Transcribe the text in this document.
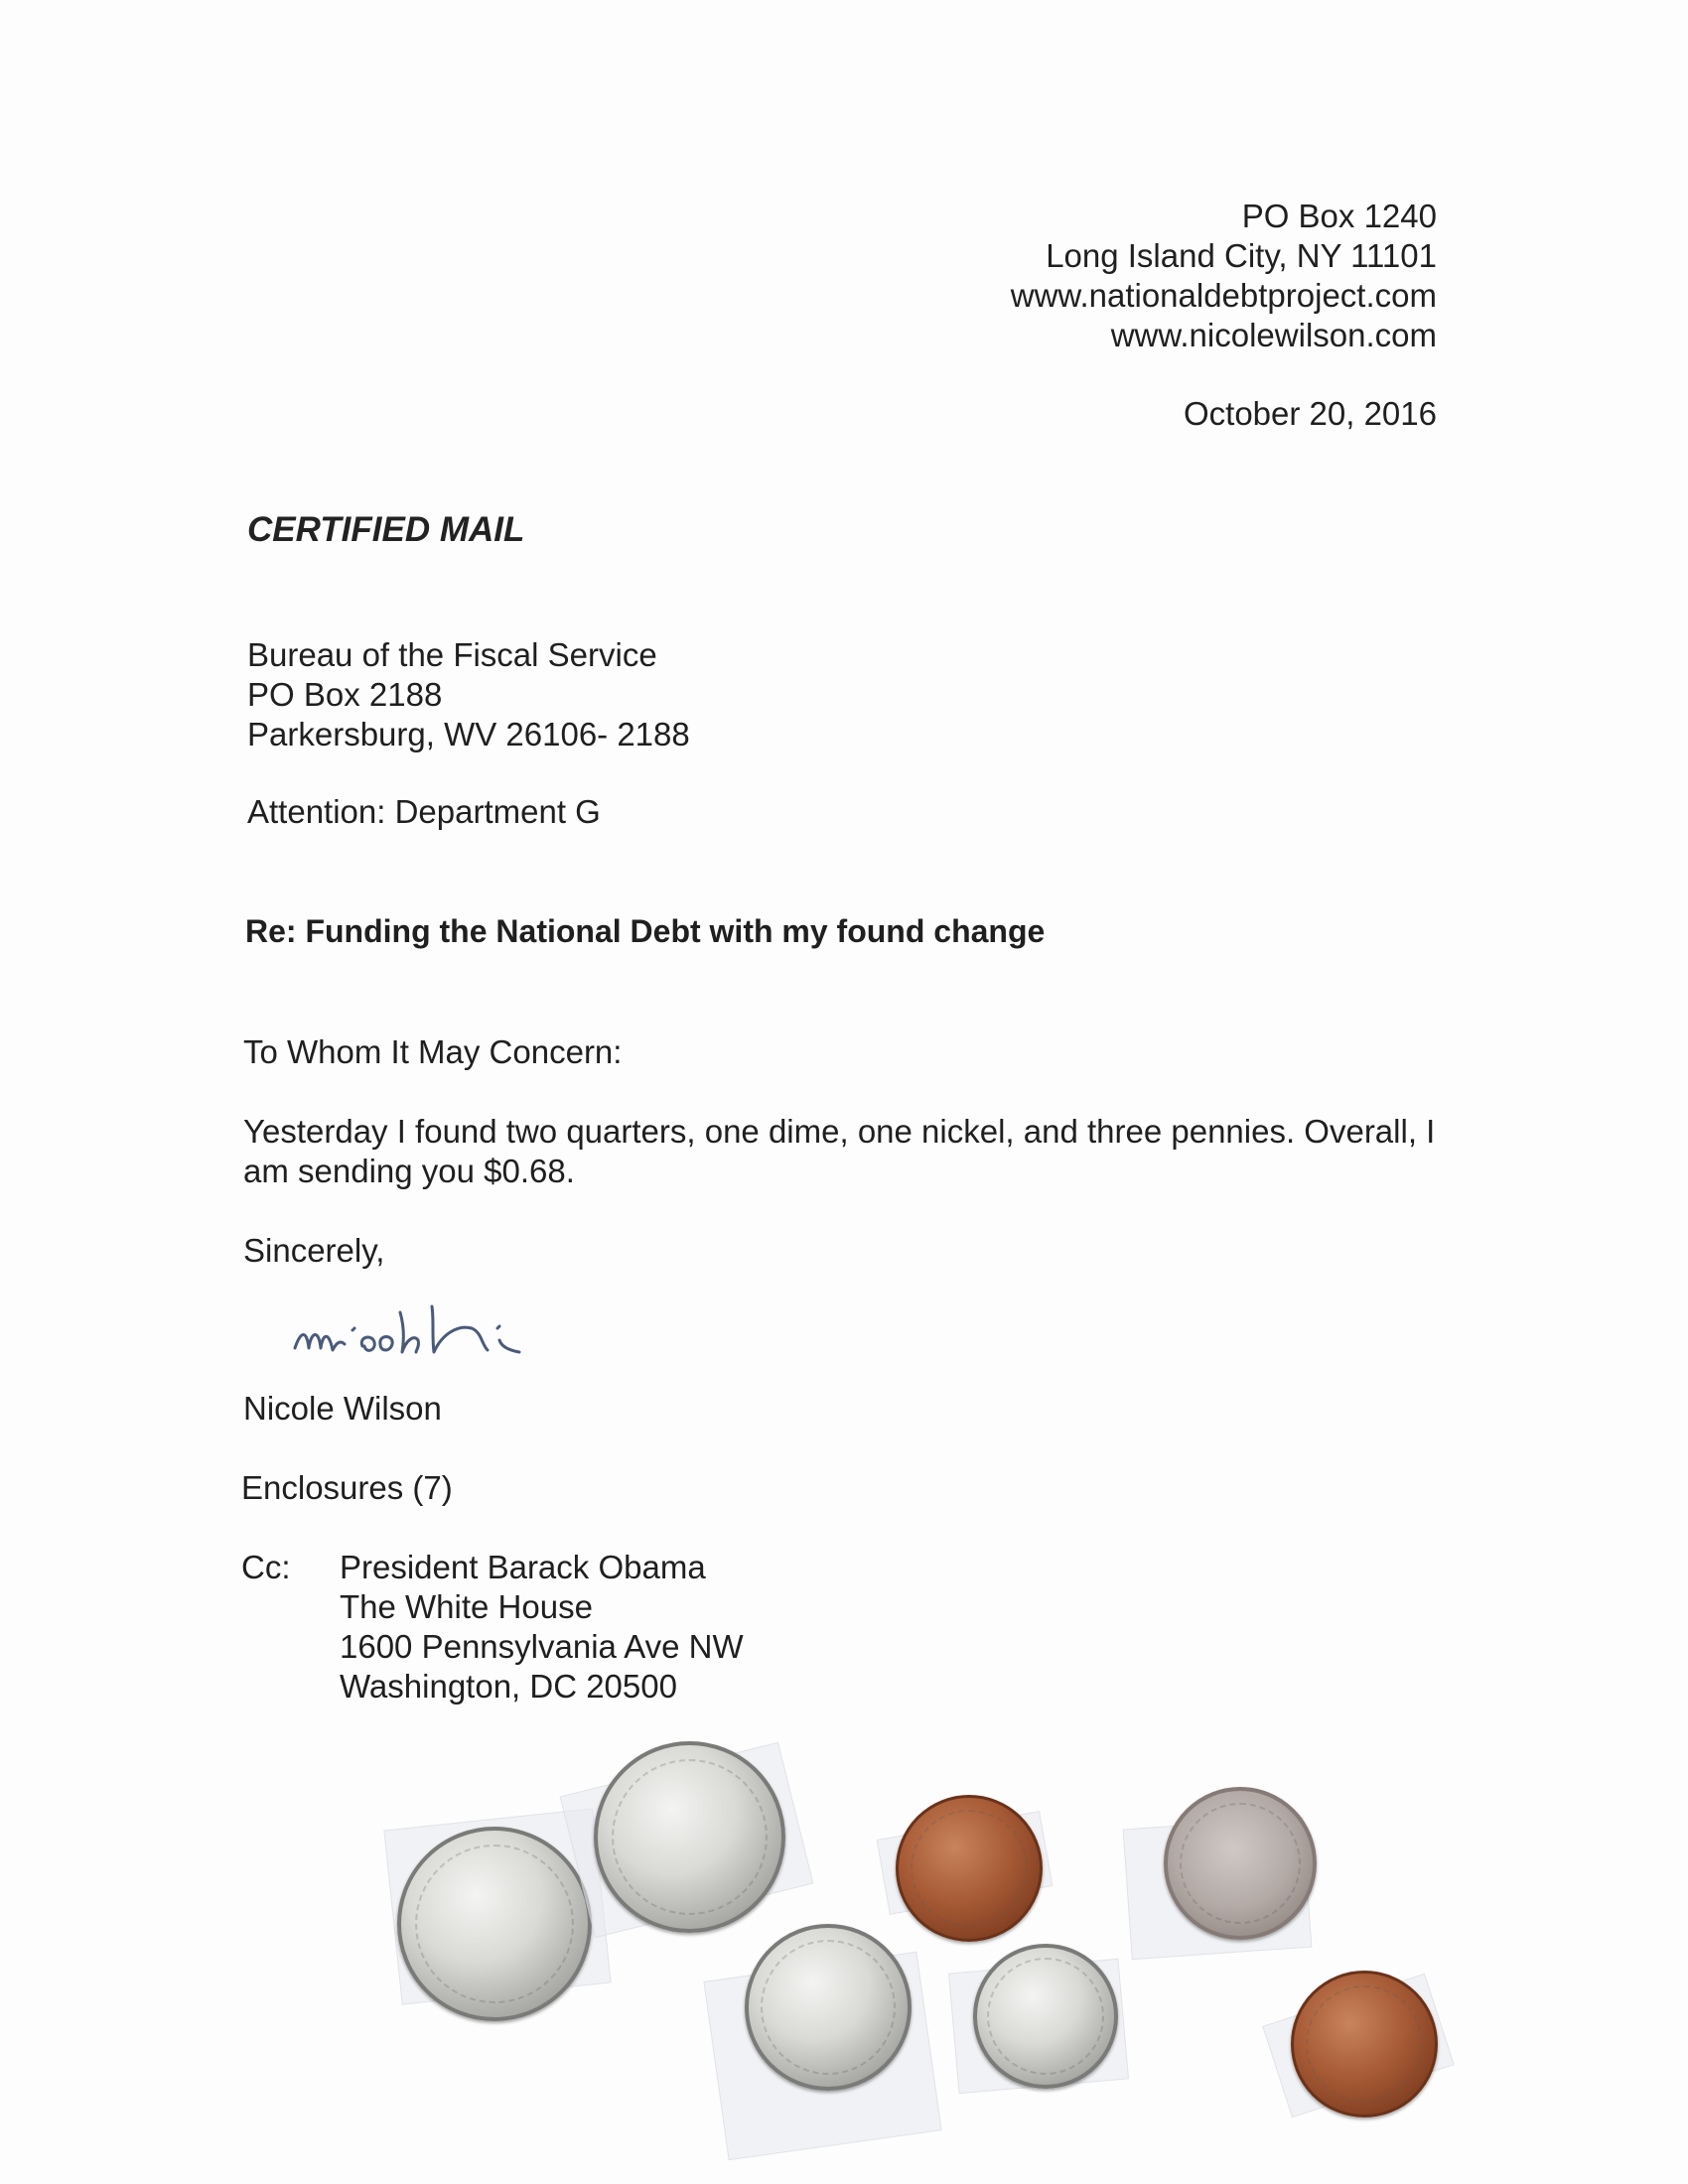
PO Box 1240
Long Island City, NY 11101
www.nationaldebtproject.com
www.nicolewilson.com
October 20, 2016
CERTIFIED MAIL
Bureau of the Fiscal Service
PO Box 2188
Parkersburg, WV 26106- 2188
Attention: Department G
Re: Funding the National Debt with my found change
To Whom It May Concern:
Yesterday I found two quarters, one dime, one nickel, and three pennies. Overall, I am sending you $0.68.
Sincerely,
Nicole Wilson
Enclosures (7)
Cc: President Barack Obama
The White House
1600 Pennsylvania Ave NW
Washington, DC 20500
